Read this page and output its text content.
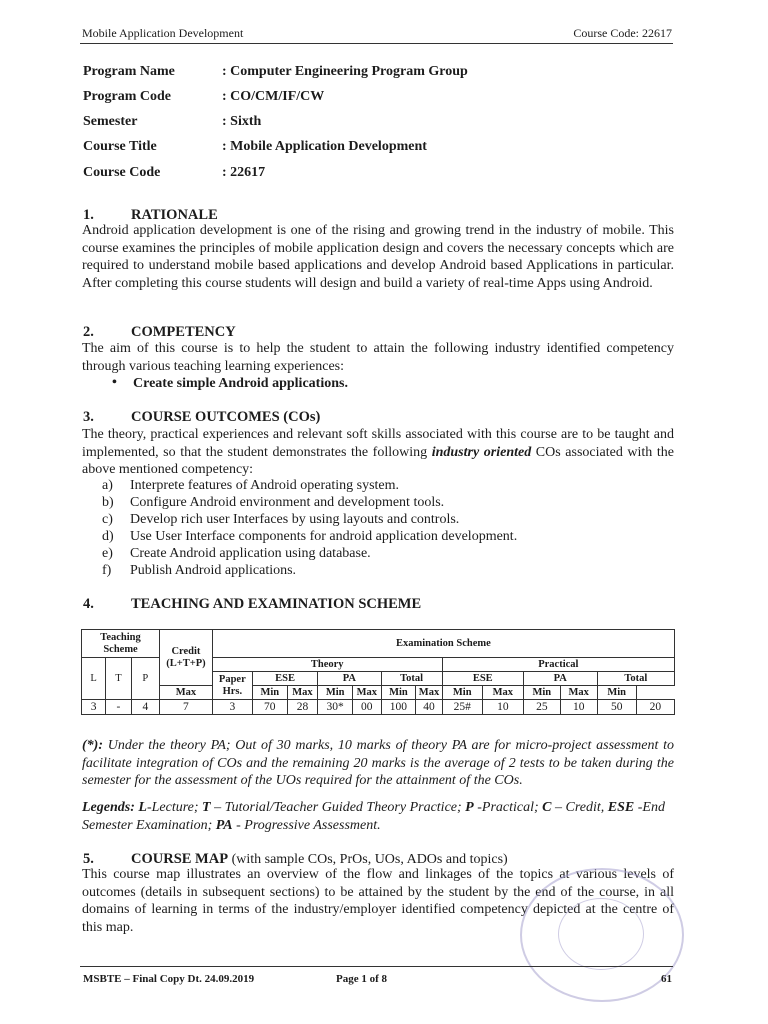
Mobile Application Development	Course Code: 22617
Program Name	: Computer Engineering Program Group
Program Code	: CO/CM/IF/CW
Semester	: Sixth
Course Title	: Mobile Application Development
Course Code	: 22617
1.	RATIONALE
Android application development is one of the rising and growing trend in the industry of mobile. This course examines the principles of mobile application design and covers the necessary concepts which are required to understand mobile based applications and develop Android based Applications in particular. After completing this course students will design and build a variety of real-time Apps using Android.
2.	COMPETENCY
The aim of this course is to help the student to attain the following industry identified competency through various teaching learning experiences:
• Create simple Android applications.
3.	COURSE OUTCOMES (COs)
The theory, practical experiences and relevant soft skills associated with this course are to be taught and implemented, so that the student demonstrates the following industry oriented COs associated with the above mentioned competency:
a) Interprete features of Android operating system.
b) Configure Android environment and development tools.
c) Develop rich user Interfaces by using layouts and controls.
d) Use User Interface components for android application development.
e) Create Android application using database.
f) Publish Android applications.
4.	TEACHING AND EXAMINATION SCHEME
Teaching Scheme			Credit (L+T+P)	Examination Scheme												
L	T	P		Theory							Practical					
				Paper Hrs.	ESE		PA		Total		ESE		PA		Total	
			Max		Min	Max	Min	Max	Min	Max	Min	Max	Min	Max	Min	
3	-	4	7	3	70	28	30*	00	100	40	25#	10	25	10	50	20
(*): Under the theory PA; Out of 30 marks, 10 marks of theory PA are for micro-project assessment to facilitate integration of COs and the remaining 20 marks is the average of 2 tests to be taken during the semester for the assessment of the UOs required for the attainment of the COs.
Legends: L-Lecture; T – Tutorial/Teacher Guided Theory Practice; P -Practical; C – Credit, ESE -End Semester Examination; PA - Progressive Assessment.
5.	COURSE MAP (with sample COs, PrOs, UOs, ADOs and topics)
This course map illustrates an overview of the flow and linkages of the topics at various levels of outcomes (details in subsequent sections) to be attained by the student by the end of the course, in all domains of learning in terms of the industry/employer identified competency depicted at the centre of this map.
MSBTE – Final Copy Dt. 24.09.2019	Page 1 of 8	61
